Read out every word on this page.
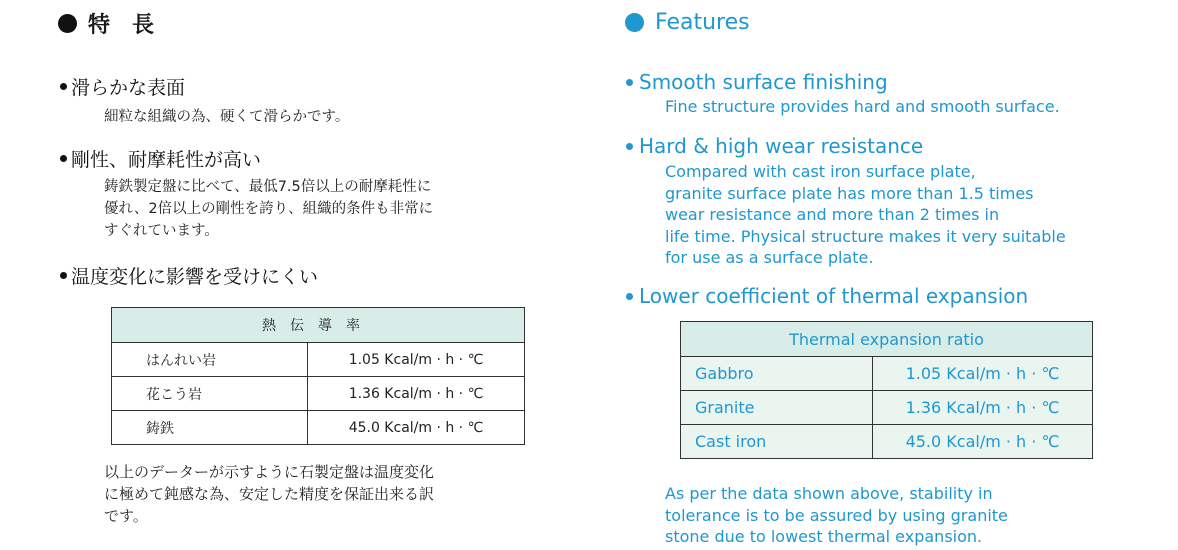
特長
滑らかな表面
細粒な組織の為、硬くて滑らかです。
剛性、耐摩耗性が高い
鋳鉄製定盤に比べて、最低7.5倍以上の耐摩耗性に
優れ、2倍以上の剛性を誇り、組織的条件も非常に
すぐれています。
温度変化に影響を受けにくい
熱伝導率	
はんれい岩	1.05 Kcal/m · h · ℃
花こう岩	1.36 Kcal/m · h · ℃
鋳鉄	45.0 Kcal/m · h · ℃
以上のデーターが示すように石製定盤は温度変化
に極めて鈍感な為、安定した精度を保証出来る訳
です。
Features
Smooth surface finishing
Fine structure provides hard and smooth surface.
Hard & high wear resistance
Compared with cast iron surface plate,
granite surface plate has more than 1.5 times
wear resistance and more than 2 times in
life time. Physical structure makes it very suitable
for use as a surface plate.
Lower coefficient of thermal expansion
Thermal expansion ratio	
Gabbro	1.05 Kcal/m · h · ℃
Granite	1.36 Kcal/m · h · ℃
Cast iron	45.0 Kcal/m · h · ℃
As per the data shown above, stability in
tolerance is to be assured by using granite
stone due to lowest thermal expansion.
